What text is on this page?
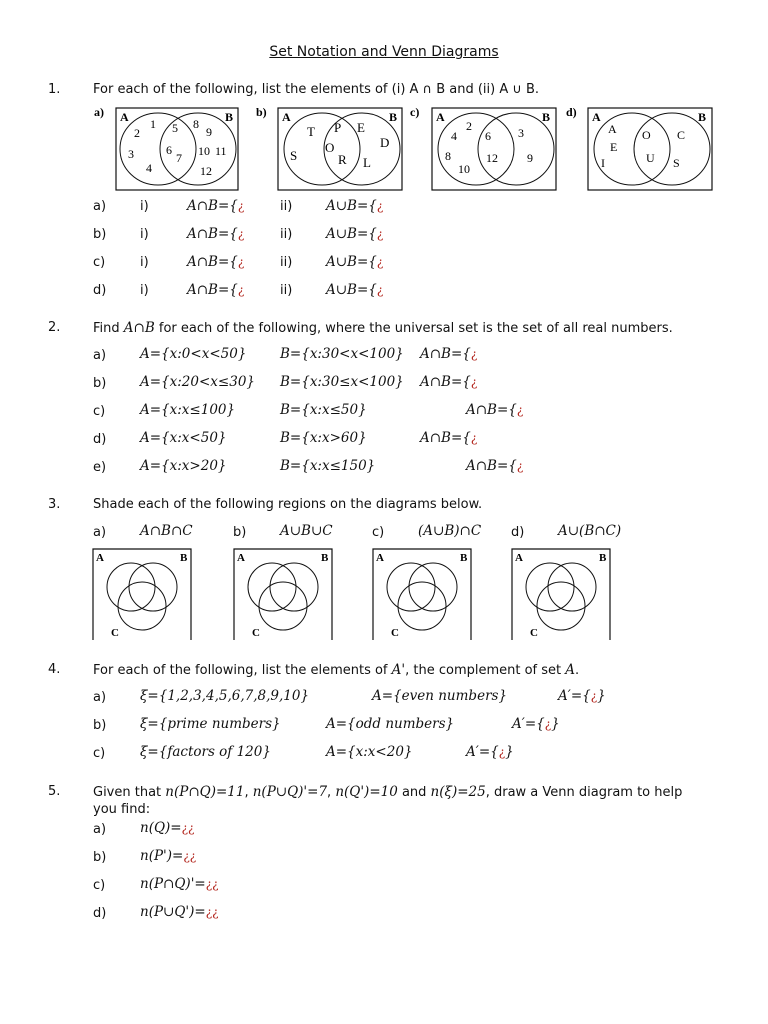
Set Notation and Venn Diagrams
1.	For each of the following, list the elements of (i) A ∩ B and (ii) A ∪ B.
a) A	B
1
2
3
4
5
6
7
8
9
10 11
12
b) A	B
T
S
P
O
R
E
D
L
c) A	B
2
4
8
10
6
12
3
9
d) A	B
A
E
I
O
U
C
S
a)	i)	A∩B={¿	ii) A∪B={¿
b)	i)	A∩B={¿	ii) A∪B={¿
c)	i)	A∩B={¿	ii) A∪B={¿
d)	i)	A∩B={¿	ii) A∪B={¿
2.	Find A∩B for each of the following, where the universal set is the set of all real numbers.
a)	A={x:0<x<50} B={x:30<x<100} A∩B={¿
b) A={x:20<x≤30} B={x:30≤x<100} A∩B={¿
c)	A={x:x≤100}	B={x:x≤50}	A∩B={¿
d) A={x:x<50}	B={x:x>60}	A∩B={¿
e)	A={x:x>20}	B={x:x≤150}	A∩B={¿
3.	Shade each of the following regions on the diagrams below.
a)	A∩B∩C	b) A∪B∪C	c)	(A∪B)∩C d) A∪(B∩C)
A	B
C
A	B
C
A	B
C
A	B
C
4.	For each of the following, list the elements of A', the complement of set A.
a)	ξ={1,2,3,4,5,6,7,8,9,10}	A={even numbers}	A′={¿}
b) ξ={prime numbers}	A={odd numbers}	A′={¿}
c)	ξ={factors of 120}	A={x:x<20}	A′={¿}
5.	Given that n(P∩Q)=11, n(P∪Q)'=7, n(Q')=10 and n(ξ)=25, draw a Venn diagram to help
you find:
a)	n(Q)=¿¿
b) n(P')=¿¿
c)	n(P∩Q)'=¿¿
d) n(P∪Q')=¿¿
